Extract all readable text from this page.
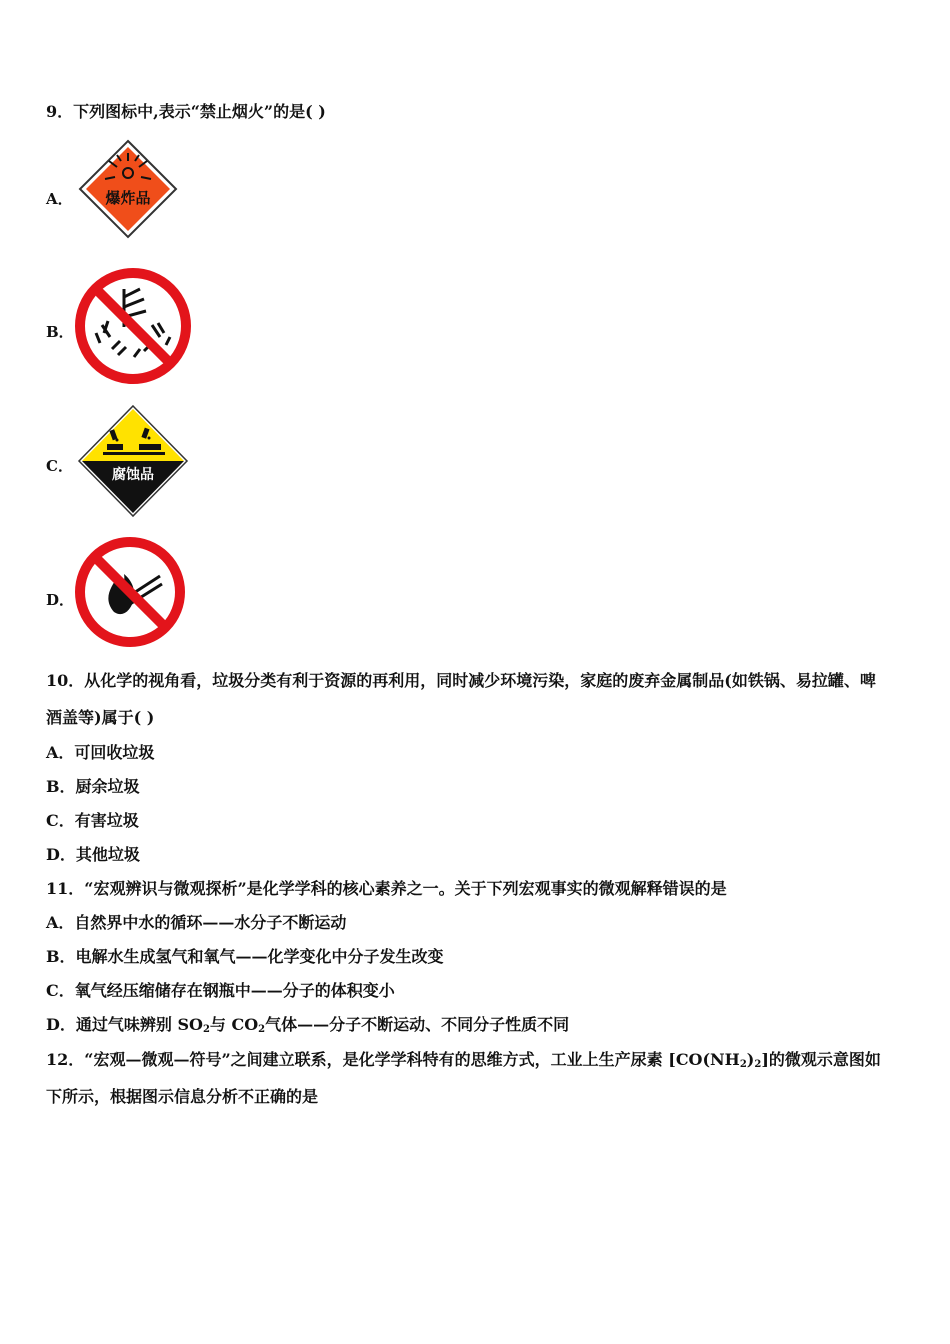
9．下列图标中,表示“禁止烟火”的是( )
A． 爆炸品
B．
C．	腐蚀品
D．
10．从化学的视角看，垃圾分类有利于资源的再利用，同时减少环境污染，家庭的废弃金属制品(如铁锅、易拉罐、啤
酒盖等)属于( )
A．可回收垃圾
B．厨余垃圾
C．有害垃圾
D．其他垃圾
11．“宏观辨识与微观探析”是化学学科的核心素养之一。关于下列宏观事实的微观解释错误的是
A．自然界中水的循环——水分子不断运动
B．电解水生成氢气和氧气——化学变化中分子发生改变
C．氧气经压缩储存在钢瓶中——分子的体积变小
D．通过气味辨别 $SO_2$与 $CO_2$气体——分子不断运动、不同分子性质不同
12．“宏观—微观—符号”之间建立联系，是化学学科特有的思维方式，工业上生产尿素 $[CO(NH_2)_2]$的微观示意图如
下所示，根据图示信息分析不正确的是
